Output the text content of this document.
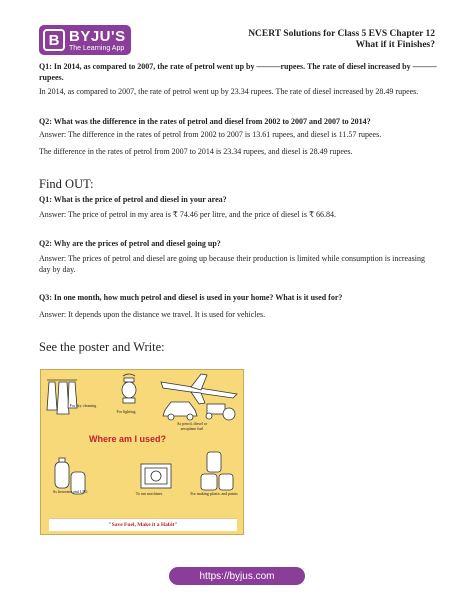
B BYJU'S
The Learning App
NCERT Solutions for Class 5 EVS Chapter 12
What if it Finishes?

Q1: In 2014, as compared to 2007, the rate of petrol went up by ———rupees. The rate of diesel increased by ———rupees.

In 2014, as compared to 2007, the rate of petrol went up by 23.34 rupees. The rate of diesel increased by 28.49 rupees.

Q2: What was the difference in the rates of petrol and diesel from 2002 to 2007 and 2007 to 2014?

Answer: The difference in the rates of petrol from 2002 to 2007 is 13.61 rupees, and diesel is 11.57 rupees.

The difference in the rates of petrol from 2007 to 2014 is 23.34 rupees, and diesel is 28.49 rupees.

Find OUT:

Q1: What is the price of petrol and diesel in your area?

Answer: The price of petrol in my area is ₹ 74.46 per litre, and the price of diesel is ₹ 66.84.

Q2: Why are the prices of petrol and diesel going up?

Answer: The prices of petrol and diesel are going up because their production is limited while consumption is increasing day by day.

Q3: In one month, how much petrol and diesel is used in your home? What is it used for?

Answer: It depends upon the distance we travel. It is used for vehicles.

See the poster and Write:

For dry cleaning
For lighting
As petrol, diesel or aeroplane fuel
Where am I used?
As kerosene and LPG	To run machines	For making plastic and paints
"Save Fuel, Make it a Habit"
https://byjus.com
